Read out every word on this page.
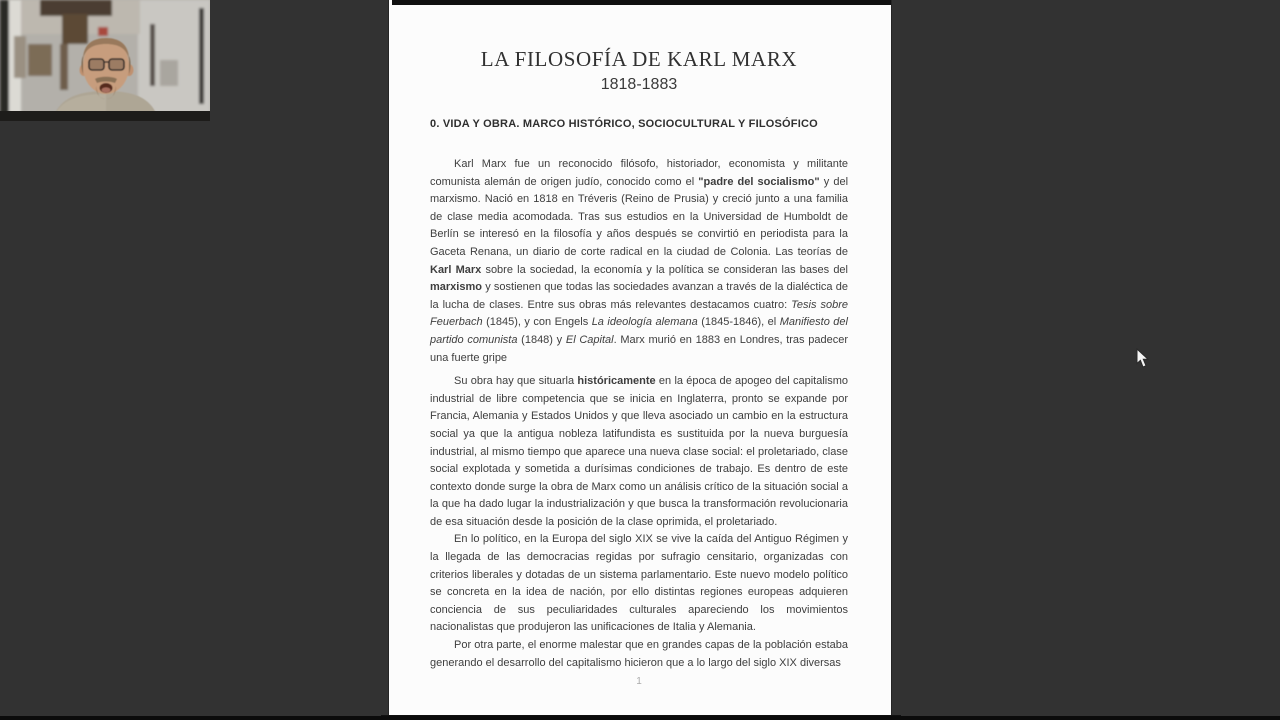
LA FILOSOFÍA DE KARL MARX
1818-1883
0. VIDA Y OBRA. MARCO HISTÓRICO, SOCIOCULTURAL Y FILOSÓFICO

Karl Marx fue un reconocido filósofo, historiador, economista y militante comunista alemán de origen judío, conocido como el "padre del socialismo" y del marxismo. Nació en 1818 en Tréveris (Reino de Prusia) y creció junto a una familia de clase media acomodada. Tras sus estudios en la Universidad de Humboldt de Berlín se interesó en la filosofía y años después se convirtió en periodista para la Gaceta Renana, un diario de corte radical en la ciudad de Colonia. Las teorías de Karl Marx sobre la sociedad, la economía y la política se consideran las bases del marxismo y sostienen que todas las sociedades avanzan a través de la dialéctica de la lucha de clases. Entre sus obras más relevantes destacamos cuatro: Tesis sobre Feuerbach (1845), y con Engels La ideología alemana (1845-1846), el Manifiesto del partido comunista (1848) y El Capital. Marx murió en 1883 en Londres, tras padecer una fuerte gripe

Su obra hay que situarla históricamente en la época de apogeo del capitalismo industrial de libre competencia que se inicia en Inglaterra, pronto se expande por Francia, Alemania y Estados Unidos y que lleva asociado un cambio en la estructura social ya que la antigua nobleza latifundista es sustituida por la nueva burguesía industrial, al mismo tiempo que aparece una nueva clase social: el proletariado, clase social explotada y sometida a durísimas condiciones de trabajo. Es dentro de este contexto donde surge la obra de Marx como un análisis crítico de la situación social a la que ha dado lugar la industrialización y que busca la transformación revolucionaria de esa situación desde la posición de la clase oprimida, el proletariado.

En lo político, en la Europa del siglo XIX se vive la caída del Antiguo Régimen y la llegada de las democracias regidas por sufragio censitario, organizadas con criterios liberales y dotadas de un sistema parlamentario. Este nuevo modelo político se concreta en la idea de nación, por ello distintas regiones europeas adquieren conciencia de sus peculiaridades culturales apareciendo los movimientos nacionalistas que produjeron las unificaciones de Italia y Alemania.

Por otra parte, el enorme malestar que en grandes capas de la población estaba generando el desarrollo del capitalismo hicieron que a lo largo del siglo XIX diversas

1
